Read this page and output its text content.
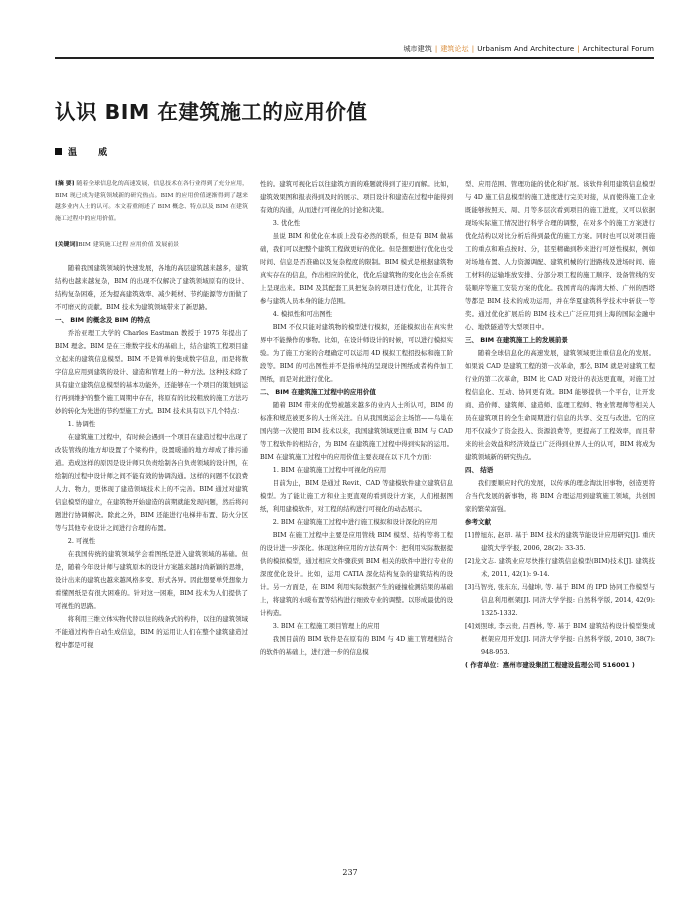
城市建筑 | 建筑论坛 | Urbanism And Architecture | Architectural Forum
认识 BIM 在建筑施工的应用价值
温 威

[摘 要] 随着全球信息化的高速发展，信息技术在各行业得到了充分应用，BIM 现已成为建筑领域新的研究热点。BIM 的应用价值逐渐得到了越来越多业内人士的认可。本文着重阐述了 BIM 概念、特点以及 BIM 在建筑施工过程中的应用价值。

[关键词]BIM 建筑施工过程 应用价值 发展前景

随着我国建筑领域的快速发展，各地的高层建筑越来越多，建筑结构也越来越复杂，BIM 的出现不仅解决了建筑领域原有的设计、结构复杂困难，还为提高建筑效率、减少耗材、节约能源等方面做了不可磨灭的贡献。BIM 技术为建筑领域带来了新思路。

一、 BIM 的概念及 BIM 的特点

乔治亚理工大学的 Charles Eastman 教授于 1975 年提出了 BIM 理念。BIM 是在三维数字技术的基础上，结合建筑工程项目建立起来的建筑信息模型。BIM 不是简单的集成数字信息，而是将数字信息应用到建筑的设计、建造和管理上的一种方法。这种技术除了具有建立建筑信息模型的基本功能外，还能够在一个项目的策划到运行再到维护的整个施工周期中存在，将原有的比较粗放的施工方法巧妙的转化为先进的节约型施工方式。BIM 技术具有以下几个特点：

1. 协调性

在建筑施工过程中，有时候会遇到一个项目在建造过程中出现了改装管线的地方却设置了个梁构件，设置暖通的地方却成了排污通道。造成这样的原因是设计师只负责绘制各自负责领域的设计图，在绘制的过程中设计师之间不能有效的协调沟通。这样的问题不仅浪费人力、物力，更体现了建造领域技术上的不完善。BIM 通过对建筑信息模型的建立，在建筑物开始建造的前期就能发现问题，然后将问题进行协调解决。除此之外，BIM 还能进行电梯井布置、防火分区等与其他专业设计之间进行合理的布置。

2. 可视性

在我国传统的建筑领域学会看图纸是进入建筑领域的基础。但是，随着今年设计师与建筑原本的设计方案越来越时尚新颖的思维，设计出来的建筑也越来越风格多变、形式各异。因此想要单凭想象力看懂图纸是有很大困难的。针对这一困难，BIM 技术为人们提供了可视性的思路。

将利用三维立体实物代替以往的线条式的构件，以往的建筑领域不能通过构件自动生成信息，BIM 的运用让人们在整个建筑建造过程中都是可视

性的。建筑可视化后以往建筑方面的难题就得到了迎刃而解。比如，建筑效果图和报表得到及时的展示、项目设计和建造在过程中能得到有效的沟通，从而进行可视化的讨论和决策。

3. 优化性

虽说 BIM 和优化在本质上没有必然的联系，但是有 BIM 做基础，我们可以把整个建筑工程做更好的优化。但是想要进行优化也受时间、信息是否准确以及复杂程度的限制。BIM 模式是根据建筑物真实存在的信息，作出相应的优化，优化后建筑物的变化也会在系统上呈现出来。BIM 及其配套工具把复杂的项目进行优化，让其符合参与建筑人员本身的能力范围。

4. 模拟性和可出图性

BIM 不仅只能对建筑物的模型进行模拟，还能模拟出在真实世界中不能操作的事物。比如，在设计师设计的时候，可以进行模拟实验。为了施工方案的合理确定可以运用 4D 模拟工程招投标和施工阶段等。BIM 的可出图性并不是指单纯的呈现设计图纸或者构件加工图纸，而是对此进行优化。

二、 BIM 在建筑施工过程中的应用价值

随着 BIM 带来的优势被越来越多的业内人士所认可，BIM 的标准和规范被更多的人士所关注。自从我国奥运会主场馆——鸟巢在国内第一次使用 BIM 技术以来，我国建筑领域更注重 BIM 与 CAD 等工程软件的相结合，为 BIM 在建筑施工过程中得到实际的运用。BIM 在建筑施工过程中的应用价值主要表现在以下几个方面：

1. BIM 在建筑施工过程中可视化的应用

目前为止，BIM 是通过 Revit、CAD 等建模软件建立建筑信息模型。为了能让施工方和业主更直观的看到设计方案，人们根据图纸，利用建模软件，对工程的结构进行可视化的动态展示。

2. BIM 在建筑施工过程中进行施工模拟和设计深化的应用

BIM 在施工过程中主要是应用管线 BIM 模型、结构等将工程的设计进一步深化。体现这种应用的方法有两个：把利用实际数据提供的模拟模型，通过相应文件骤获到 BIM 相关的软件中进行专业的深度优化设计。比如，运用 CATIA 深化结构复杂的建筑结构的设计。另一方面是，在 BIM 利用实际数据产生的碰撞检测结果的基础上，将建筑的水暖布置等结构进行细致专业的调整。以形成最优的设计构造。

3. BIM 在工程施工项目管理上的应用

我国目前的 BIM 软件是在原有的 BIM 与 4D 施工管理相结合的软件的基础上，进行进一步的信息模

型、应用范围、管理功能的优化和扩展。该软件利用建筑信息模型与 4D 施工信息模型的施工进度进行完美对接，从而使得施工企业既能够按照天、周、月等多层次看到项目的施工进度，又可以依据现场实际施工情况进行科学合理的调整，在对多个的施工方案进行优化结构以对比分析后得到最优的施工方案。同时也可以对项目施工的重点和难点按时、分，甚至精确到秒来进行可逆性模拟，例如对场地布置、人力资源调配、建筑机械的行进路线及进场时间、施工材料的运输堆放安排、分部分项工程的施工顺序、设备管线的安装顺序等施工安装方案的优化。我国青岛的海湾大桥、广州的西塔等都是 BIM 技术的成功运用，并在华夏建筑科学技术中斩获一等奖。通过优化扩展后的 BIM 技术已广泛应用到上海的国际金融中心、地铁隧道等大型项目中。

三、 BIM 在建筑施工上的发展前景

随着全球信息化的高速发展，建筑领域更注重信息化的发展。如果说 CAD 是建筑工程的第一次革命，那么 BIM 就是对建筑工程行业的第二次革命，BIM 比 CAD 对设计的表达更直观，对施工过程信息化、互动、协同更有效。BIM 能够提供一个平台，让开发商、造价师、建筑师、建造师、监理工程师、物业管理师等相关人员在建筑项目的全生命周期进行信息的共享、交互与改进。它的应用不仅减少了资金投入、资源浪费等，更提高了工程效率，而且带来的社会效益和经济效益已广泛得到业界人士的认可，BIM 将成为建筑领域新的研究热点。

四、 结语

我们要顺应时代的发展，以传承的理念淘汰旧事物，创造更符合当代发展的新事物，将 BIM 合理运用到建筑施工领域，共创国家的繁荣富强。

参考文献

[1]曾旭东, 赵昂. 基于 BIM 技术的建筑节能设计应用研究[J]. 重庆建筑大学学报, 2006, 28(2): 33-35.

[2]龙文志. 建筑业应尽快推行建筑信息模型(BIM)技术[J]. 建筑技术, 2011, 42(1): 9-14.

[3]马智亮, 张东东, 马健坤, 等. 基于 BIM 的 IPD 协同工作模型与信息利用框架[J]. 同济大学学报: 自然科学版, 2014, 42(9): 1325-1332.

[4]刘照球, 李云贵, 吕西林, 等. 基于 BIM 建筑结构设计模型集成框架应用开发[J]. 同济大学学报: 自然科学版, 2010, 38(7): 948-953.

( 作者单位：惠州市建设集团工程建设监理公司 516001 )

237
